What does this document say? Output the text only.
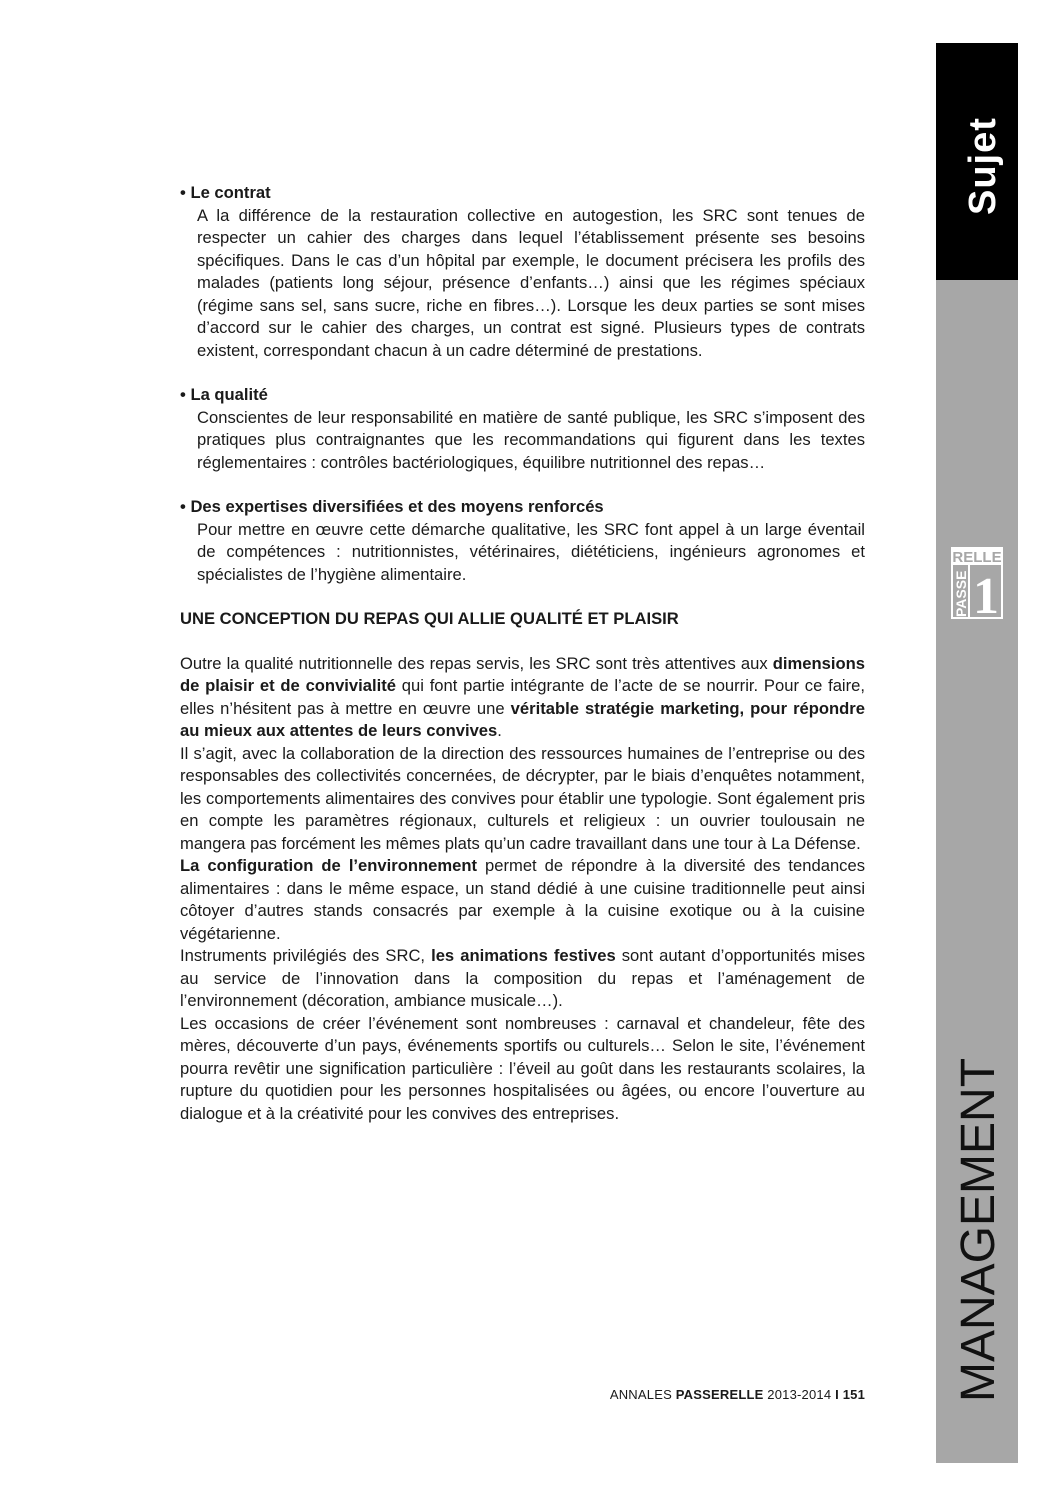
Sujet
RELLE
PASSE 1
MANAGEMENT
• Le contrat
A la différence de la restauration collective en autogestion, les SRC sont tenues de respecter un cahier des charges dans lequel l’établissement présente ses besoins spécifiques. Dans le cas d’un hôpital par exemple, le document précisera les profils des malades (patients long séjour, présence d’enfants…) ainsi que les régimes spéciaux (régime sans sel, sans sucre, riche en fibres…). Lorsque les deux parties se sont mises d’accord sur le cahier des charges, un contrat est signé. Plusieurs types de contrats existent, correspondant chacun à un cadre déterminé de prestations.
• La qualité
Conscientes de leur responsabilité en matière de santé publique, les SRC s’imposent des pratiques plus contraignantes que les recommandations qui figurent dans les textes réglementaires : contrôles bactériologiques, équilibre nutritionnel des repas…
• Des expertises diversifiées et des moyens renforcés
Pour mettre en œuvre cette démarche qualitative, les SRC font appel à un large éventail de compétences : nutritionnistes, vétérinaires, diététiciens, ingénieurs agronomes et spécialistes de l’hygiène alimentaire.
UNE CONCEPTION DU REPAS QUI ALLIE QUALITÉ ET PLAISIR
Outre la qualité nutritionnelle des repas servis, les SRC sont très attentives aux dimensions de plaisir et de convivialité qui font partie intégrante de l’acte de se nourrir. Pour ce faire, elles n’hésitent pas à mettre en œuvre une véritable stratégie marketing, pour répondre au mieux aux attentes de leurs convives.
Il s’agit, avec la collaboration de la direction des ressources humaines de l’entreprise ou des responsables des collectivités concernées, de décrypter, par le biais d’enquêtes notamment, les comportements alimentaires des convives pour établir une typologie. Sont également pris en compte les paramètres régionaux, culturels et religieux : un ouvrier toulousain ne mangera pas forcément les mêmes plats qu’un cadre travaillant dans une tour à La Défense.
La configuration de l’environnement permet de répondre à la diversité des tendances alimentaires : dans le même espace, un stand dédié à une cuisine traditionnelle peut ainsi côtoyer d’autres stands consacrés par exemple à la cuisine exotique ou à la cuisine végétarienne.
Instruments privilégiés des SRC, les animations festives sont autant d’opportunités mises au service de l’innovation dans la composition du repas et l’aménagement de l’environnement (décoration, ambiance musicale…).
Les occasions de créer l’événement sont nombreuses : carnaval et chandeleur, fête des mères, découverte d’un pays, événements sportifs ou culturels… Selon le site, l’événement pourra revêtir une signification particulière : l’éveil au goût dans les restaurants scolaires, la rupture du quotidien pour les personnes hospitalisées ou âgées, ou encore l’ouverture au dialogue et à la créativité pour les convives des entreprises.
ANNALES PASSERELLE 2013-2014 I 151
